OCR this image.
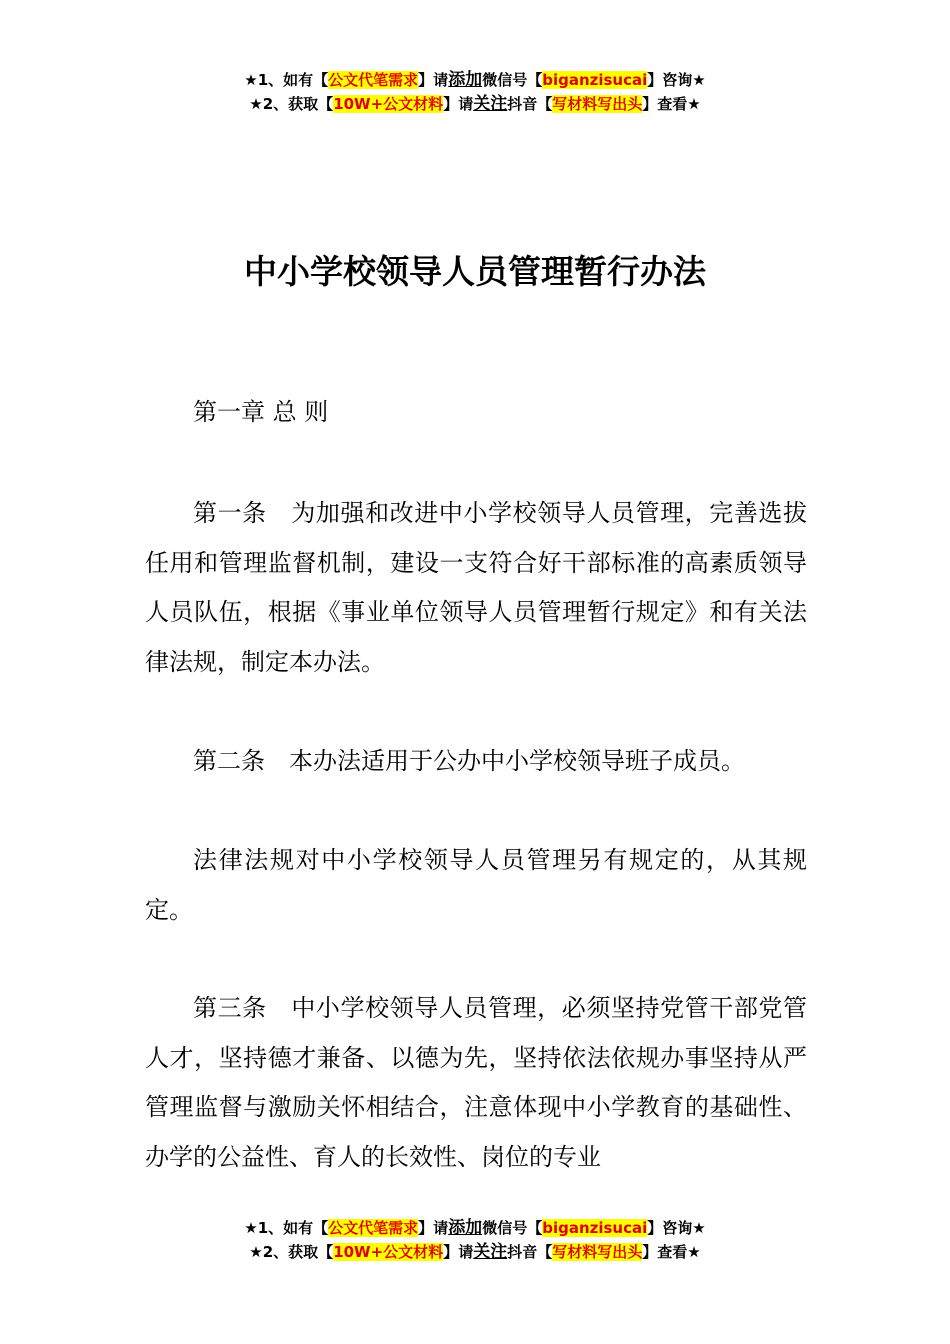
★1、如有【公文代笔需求】请添加微信号【biganzisucai】咨询★
★2、获取【10W+公文材料】请关注抖音【写材料写出头】查看★
中小学校领导人员管理暂行办法

第一章 总 则

第一条　为加强和改进中小学校领导人员管理，完善选拔任用和管理监督机制，建设一支符合好干部标准的高素质领导人员队伍，根据《事业单位领导人员管理暂行规定》和有关法律法规，制定本办法。

第二条　本办法适用于公办中小学校领导班子成员。

法律法规对中小学校领导人员管理另有规定的，从其规定。

第三条　中小学校领导人员管理，必须坚持党管干部党管人才，坚持德才兼备、以德为先，坚持依法依规办事坚持从严管理监督与激励关怀相结合，注意体现中小学教育的基础性、办学的公益性、育人的长效性、岗位的专业

★1、如有【公文代笔需求】请添加微信号【biganzisucai】咨询★
★2、获取【10W+公文材料】请关注抖音【写材料写出头】查看★
